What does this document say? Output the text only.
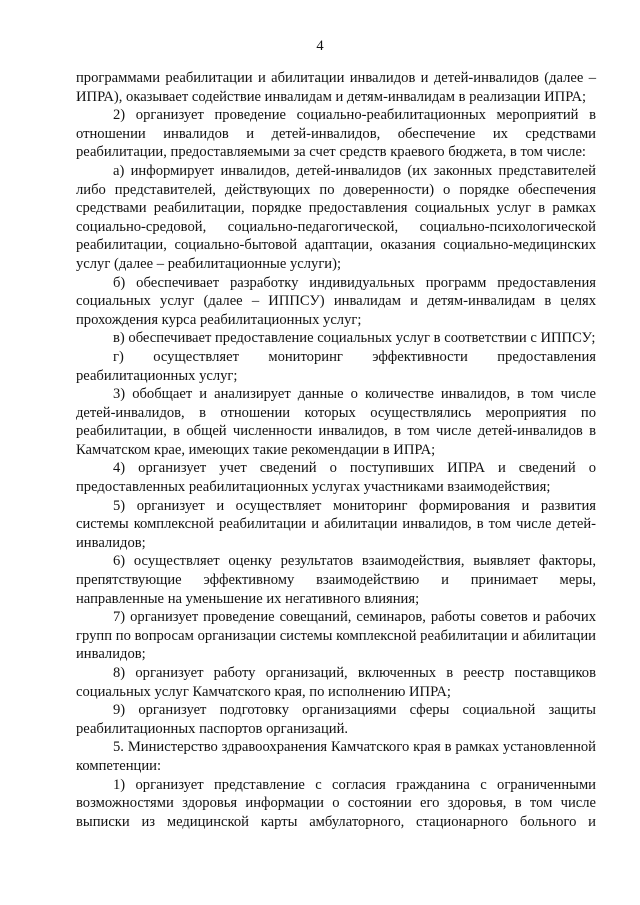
4

программами реабилитации и абилитации инвалидов и детей-инвалидов (далее – ИПРА), оказывает содействие инвалидам и детям-инвалидам в реализации ИПРА;

2) организует проведение социально-реабилитационных мероприятий в отношении инвалидов и детей-инвалидов, обеспечение их средствами реабилитации, предоставляемыми за счет средств краевого бюджета, в том числе:

а) информирует инвалидов, детей-инвалидов (их законных представителей либо представителей, действующих по доверенности) о порядке обеспечения средствами реабилитации, порядке предоставления социальных услуг в рамках социально-средовой, социально-педагогической, социально-психологической реабилитации, социально-бытовой адаптации, оказания социально-медицинских услуг (далее – реабилитационные услуги);

б) обеспечивает разработку индивидуальных программ предоставления социальных услуг (далее – ИППСУ) инвалидам и детям-инвалидам в целях прохождения курса реабилитационных услуг;

в) обеспечивает предоставление социальных услуг в соответствии с ИППСУ;

г) осуществляет мониторинг эффективности предоставления реабилитационных услуг;

3) обобщает и анализирует данные о количестве инвалидов, в том числе детей-инвалидов, в отношении которых осуществлялись мероприятия по реабилитации, в общей численности инвалидов, в том числе детей-инвалидов в Камчатском крае, имеющих такие рекомендации в ИПРА;

4) организует учет сведений о поступивших ИПРА и сведений о предоставленных реабилитационных услугах участниками взаимодействия;

5) организует и осуществляет мониторинг формирования и развития системы комплексной реабилитации и абилитации инвалидов, в том числе детей-инвалидов;

6) осуществляет оценку результатов взаимодействия, выявляет факторы, препятствующие эффективному взаимодействию и принимает меры, направленные на уменьшение их негативного влияния;

7) организует проведение совещаний, семинаров, работы советов и рабочих групп по вопросам организации системы комплексной реабилитации и абилитации инвалидов;

8) организует работу организаций, включенных в реестр поставщиков социальных услуг Камчатского края, по исполнению ИПРА;

9) организует подготовку организациями сферы социальной защиты реабилитационных паспортов организаций.

5. Министерство здравоохранения Камчатского края в рамках установленной компетенции:

1) организует представление с согласия гражданина с ограниченными возможностями здоровья информации о состоянии его здоровья, в том числе выписки из медицинской карты амбулаторного, стационарного больного и
